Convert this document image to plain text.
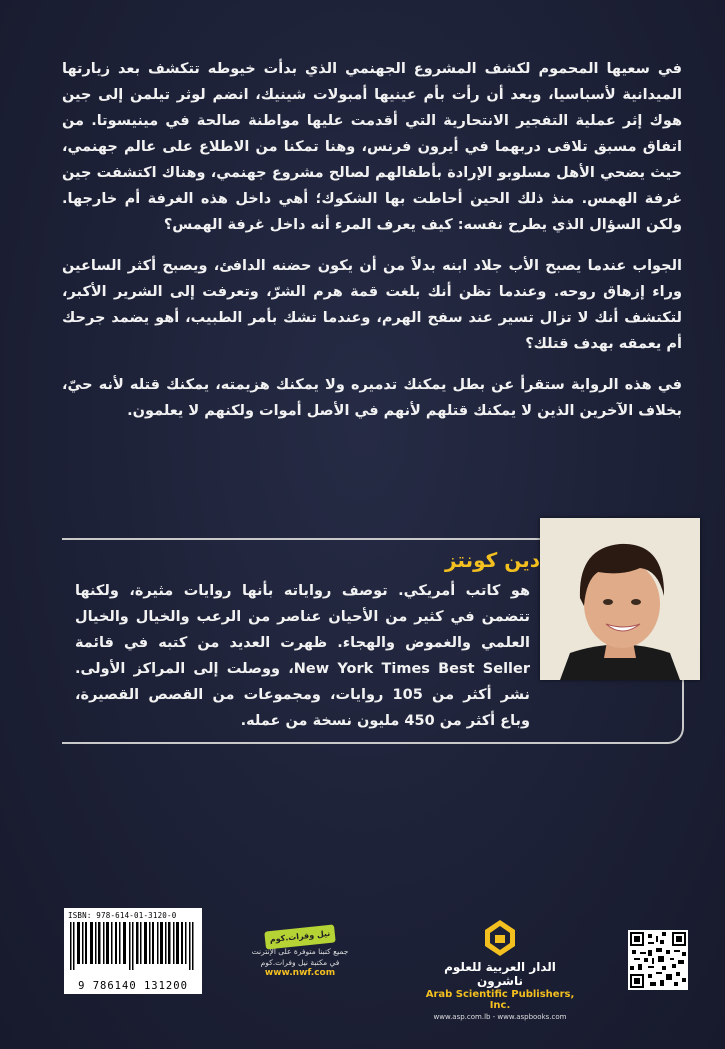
في سعيها المحموم لكشف المشروع الجهنمي الذي بدأت خيوطه تتكشف بعد زيارتها الميدانية لأسباسيا، وبعد أن رأت بأم عينيها أمبولات شينيك، انضم لوثر تيلمن إلى جين هوك إثر عملية التفجير الانتحارية التي أقدمت عليها مواطنة صالحة في مينيسوتا. من اتفاق مسبق تلاقى دربهما في أيرون فرنس، وهنا تمكنا من الاطلاع على عالم جهنمي، حيث يضحي الأهل مسلوبو الإرادة بأطفالهم لصالح مشروع جهنمي، وهناك اكتشفت جين غرفة الهمس. منذ ذلك الحين أحاطت بها الشكوك؛ أهي داخل هذه الغرفة أم خارجها. ولكن السؤال الذي يطرح نفسه: كيف يعرف المرء أنه داخل غرفة الهمس؟

الجواب عندما يصبح الأب جلاد ابنه بدلاً من أن يكون حضنه الدافئ، ويصبح أكثر الساعين وراء إزهاق روحه. وعندما تظن أنك بلغت قمة هرم الشرّ، وتعرفت إلى الشرير الأكبر، لتكتشف أنك لا تزال تسير عند سفح الهرم، وعندما تشك بأمر الطبيب، أهو يضمد جرحك أم يعمقه بهدف قتلك؟

في هذه الرواية ستقرأ عن بطل يمكنك تدميره ولا يمكنك هزيمته، يمكنك قتله لأنه حيّ، بخلاف الآخرين الذين لا يمكنك قتلهم لأنهم في الأصل أموات ولكنهم لا يعلمون.

دين كونتز
هو كاتب أمريكي. توصف رواياته بأنها روايات مثيرة، ولكنها تتضمن في كثير من الأحيان عناصر من الرعب والخيال والخيال العلمي والغموض والهجاء. ظهرت العديد من كتبه في قائمة New York Times Best Seller، ووصلت إلى المراكز الأولى. نشر أكثر من 105 روايات، ومجموعات من القصص القصيرة، وباع أكثر من 450 مليون نسخة من عمله.
ISBN: 978-614-01-3120-0
9 786140 131200
نيل وفرات.كوم
جميع كتبنا متوفرة على الإنترنت
في مكتبة نيل وفرات.كوم
www.nwf.com	الدار العربية للعلوم ناشرون
Arab Scientific Publishers, Inc.
www.asp.com.lb - www.aspbooks.com
